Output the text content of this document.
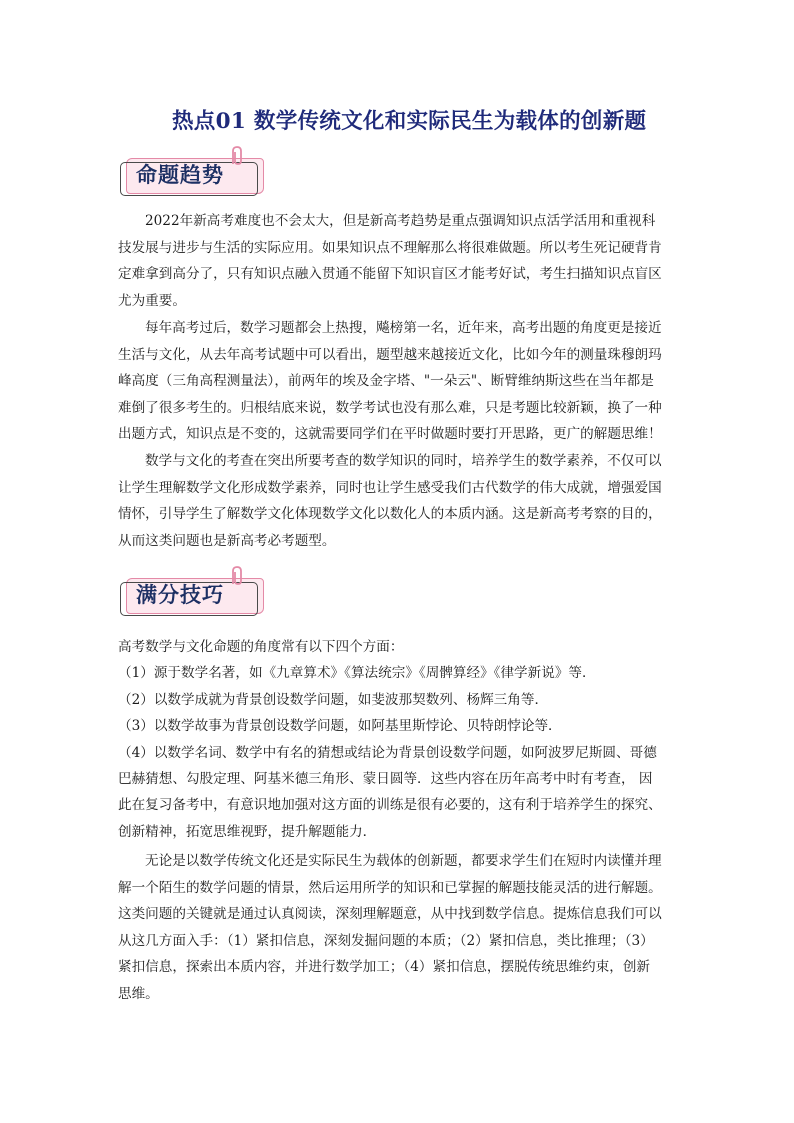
热点01 数学传统文化和实际民生为载体的创新题
命题趋势
2022年新高考难度也不会太大，但是新高考趋势是重点强调知识点活学活用和重视科
技发展与进步与生活的实际应用。如果知识点不理解那么将很难做题。所以考生死记硬背肯
定难拿到高分了，只有知识点融入贯通不能留下知识盲区才能考好试，考生扫描知识点盲区
尤为重要。
每年高考过后，数学习题都会上热搜，飚榜第一名，近年来，高考出题的角度更是接近
生活与文化，从去年高考试题中可以看出，题型越来越接近文化，比如今年的测量珠穆朗玛
峰高度（三角高程测量法），前两年的埃及金字塔、"一朵云"、断臂维纳斯这些在当年都是
难倒了很多考生的。归根结底来说，数学考试也没有那么难，只是考题比较新颖，换了一种
出题方式，知识点是不变的，这就需要同学们在平时做题时要打开思路，更广的解题思维！
数学与文化的考查在突出所要考查的数学知识的同时，培养学生的数学素养，不仅可以
让学生理解数学文化形成数学素养，同时也让学生感受我们古代数学的伟大成就，增强爱国
情怀，引导学生了解数学文化体现数学文化以数化人的本质内涵。这是新高考考察的目的，
从而这类问题也是新高考必考题型。
满分技巧
高考数学与文化命题的角度常有以下四个方面：
（1）源于数学名著，如《九章算术》《算法统宗》《周髀算经》《律学新说》等．
（2）以数学成就为背景创设数学问题，如斐波那契数列、杨辉三角等．
（3）以数学故事为背景创设数学问题，如阿基里斯悖论、贝特朗悖论等．
（4）以数学名词、数学中有名的猜想或结论为背景创设数学问题，如阿波罗尼斯圆、哥德
巴赫猜想、勾股定理、阿基米德三角形、蒙日圆等．这些内容在历年高考中时有考查， 因
此在复习备考中，有意识地加强对这方面的训练是很有必要的，这有利于培养学生的探究、
创新精神，拓宽思维视野，提升解题能力．
无论是以数学传统文化还是实际民生为载体的创新题，都要求学生们在短时内读懂并理
解一个陌生的数学问题的情景，然后运用所学的知识和已掌握的解题技能灵活的进行解题。
这类问题的关键就是通过认真阅读，深刻理解题意，从中找到数学信息。提炼信息我们可以
从这几方面入手：（1）紧扣信息，深刻发掘问题的本质；（2）紧扣信息，类比推理；（3）
紧扣信息，探索出本质内容，并进行数学加工；（4）紧扣信息，摆脱传统思维约束，创新
思维。
